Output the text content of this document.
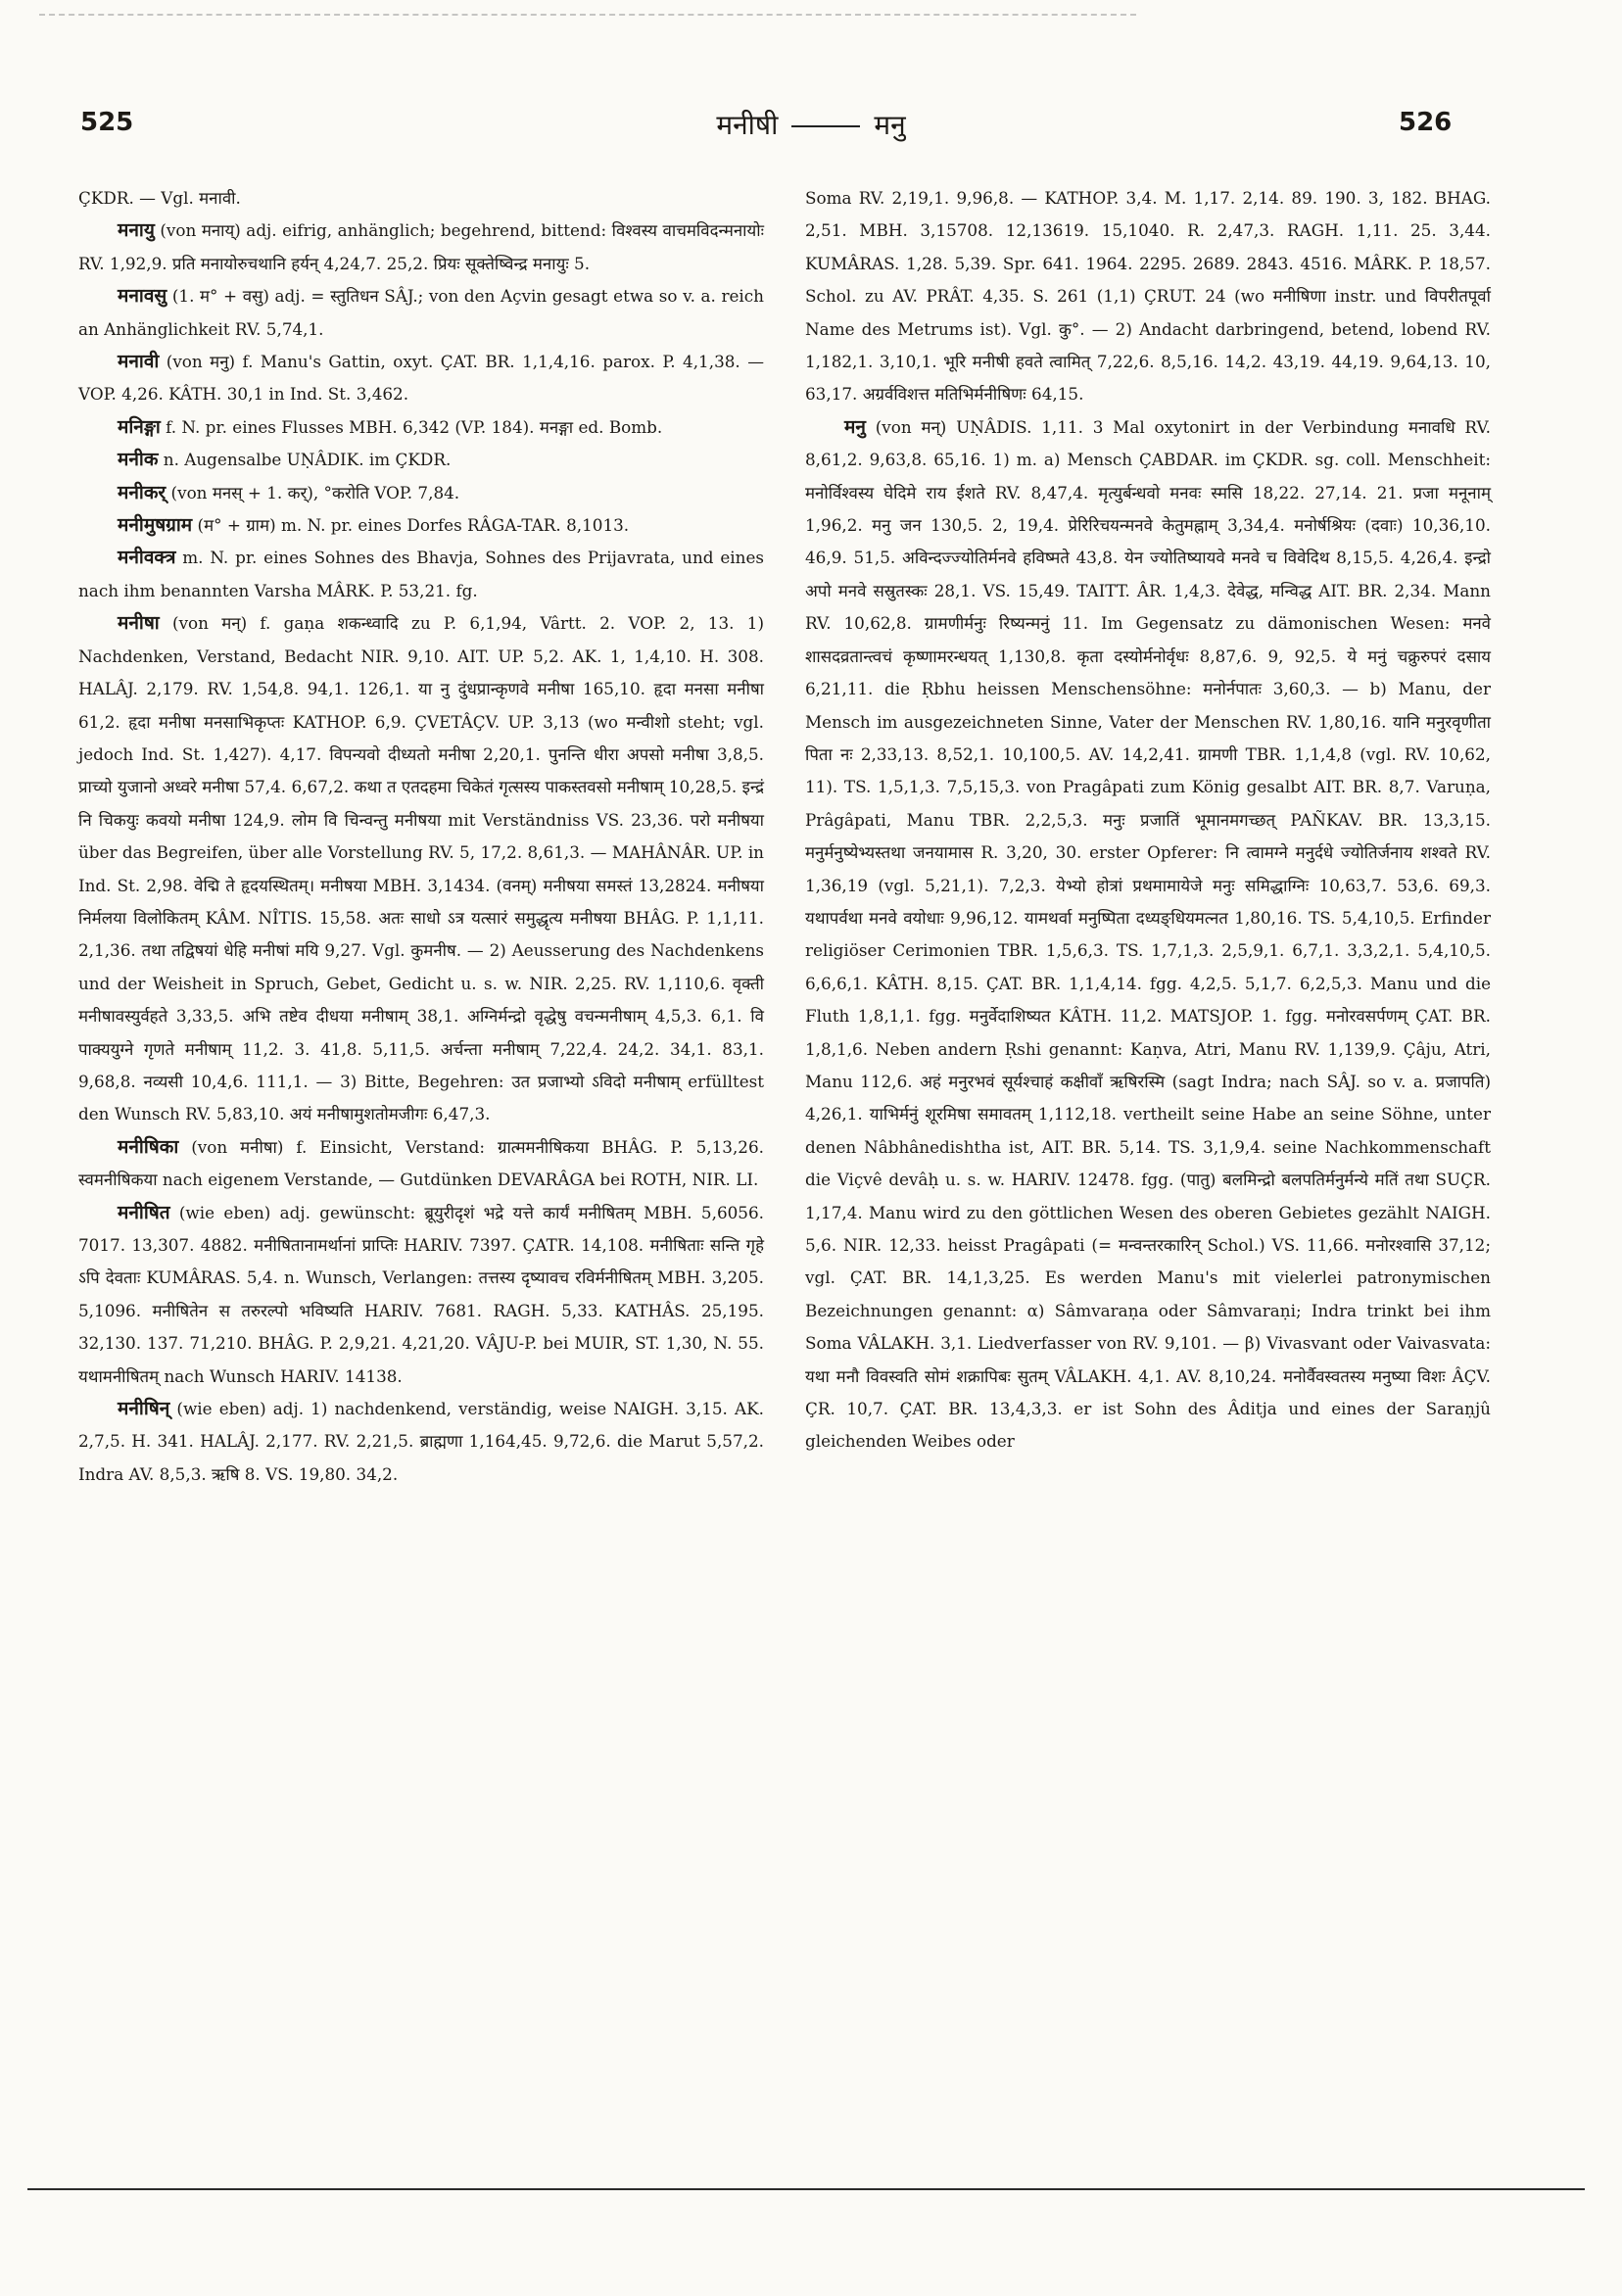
525	मनीषी	मनु	526

ÇKDR. — Vgl. मनावी.

मनायु (von मनाय्) adj. eifrig, anhänglich; begehrend, bittend: विश्वस्य वाचमविदन्मनायोः RV. 1,92,9. प्रति मनायोरुचथानि हर्यन् 4,24,7. 25,2. प्रियः सूक्तेष्विन्द्र मनायुः 5.

मनावसु (1. म° + वसु) adj. = स्तुतिधन SÂJ.; von den Açvin gesagt etwa so v. a. reich an Anhänglichkeit RV. 5,74,1.

मनावी (von मनु) f. Manu's Gattin, oxyt. ÇAT. BR. 1,1,4,16. parox. P. 4,1,38. — VOP. 4,26. KÂTH. 30,1 in Ind. St. 3,462.

मनिङ्गा f. N. pr. eines Flusses MBH. 6,342 (VP. 184). मनङ्गा ed. Bomb.

मनीक n. Augensalbe UṆÂDIK. im ÇKDR.

मनीकर् (von मनस् + 1. कर्), °करोति VOP. 7,84.

मनीमुषग्राम (म° + ग्राम) m. N. pr. eines Dorfes RÂGA-TAR. 8,1013.

मनीवक्त्र m. N. pr. eines Sohnes des Bhavja, Sohnes des Prijavrata, und eines nach ihm benannten Varsha MÂRK. P. 53,21. fg.

मनीषा (von मन्) f. gaṇa शकन्ध्वादि zu P. 6,1,94, Vârtt. 2. VOP. 2, 13. 1) Nachdenken, Verstand, Bedacht NIR. 9,10. AIT. UP. 5,2. AK. 1, 1,4,10. H. 308. HALÂJ. 2,179. RV. 1,54,8. 94,1. 126,1. या नु दुंधप्रान्कृणवे मनीषा 165,10. हृदा मनसा मनीषा 61,2. हृदा मनीषा मनसाभिकृप्तः KATHOP. 6,9. ÇVETÂÇV. UP. 3,13 (wo मन्वीशो steht; vgl. jedoch Ind. St. 1,427). 4,17. विपन्यवो दीध्यतो मनीषा 2,20,1. पुनन्ति धीरा अपसो मनीषा 3,8,5. प्राच्यो युजानो अध्वरे मनीषा 57,4. 6,67,2. कथा त एतदहमा चिकेतं गृत्सस्य पाकस्तवसो मनीषाम् 10,28,5. इन्द्रं नि चिकयुः कवयो मनीषा 124,9. लोम वि चिन्वन्तु मनीषया mit Verständniss VS. 23,36. परो मनीषया über das Begreifen, über alle Vorstellung RV. 5, 17,2. 8,61,3. — MAHÂNÂR. UP. in Ind. St. 2,98. वेद्मि ते हृदयस्थितम्। मनीषया MBH. 3,1434. (वनम्) मनीषया समस्तं 13,2824. मनीषया निर्मलया विलोकितम् KÂM. NÎTIS. 15,58. अतः साधो ऽत्र यत्सारं समुद्धृत्य मनीषया BHÂG. P. 1,1,11. 2,1,36. तथा तद्विषयां धेहि मनीषां मयि 9,27. Vgl. कुमनीष. — 2) Aeusserung des Nachdenkens und der Weisheit in Spruch, Gebet, Gedicht u. s. w. NIR. 2,25. RV. 1,110,6. वृक्ती मनीषावस्युर्वहते 3,33,5. अभि तष्टेव दीधया मनीषाम् 38,1. अग्निर्मन्द्रो वृद्धेषु वचन्मनीषाम् 4,5,3. 6,1. वि पाक्ययुग्ने गृणते मनीषाम् 11,2. 3. 41,8. 5,11,5. अर्चन्ता मनीषाम् 7,22,4. 24,2. 34,1. 83,1. 9,68,8. नव्यसी 10,4,6. 111,1. — 3) Bitte, Begehren: उत प्रजाभ्यो ऽविदो मनीषाम् erfülltest den Wunsch RV. 5,83,10. अयं मनीषामुशतोमजीगः 6,47,3.

मनीषिका (von मनीषा) f. Einsicht, Verstand: ग्रात्ममनीषिकया BHÂG. P. 5,13,26. स्वमनीषिकया nach eigenem Verstande, — Gutdünken DEVARÂGA bei ROTH, NIR. LI.

मनीषित (wie eben) adj. gewünscht: ब्रूयुरीदृशं भद्रे यत्ते कार्यं मनीषितम् MBH. 5,6056. 7017. 13,307. 4882. मनीषितानामर्थानां प्राप्तिः HARIV. 7397. ÇATR. 14,108. मनीषिताः सन्ति गृहे ऽपि देवताः KUMÂRAS. 5,4. n. Wunsch, Verlangen: तत्तस्य दृष्यावच रविर्मनीषितम् MBH. 3,205. 5,1096. मनीषितेन स तरुरल्पो भविष्यति HARIV. 7681. RAGH. 5,33. KATHÂS. 25,195. 32,130. 137. 71,210. BHÂG. P. 2,9,21. 4,21,20. VÂJU-P. bei MUIR, ST. 1,30, N. 55. यथामनीषितम् nach Wunsch HARIV. 14138.

मनीषिन् (wie eben) adj. 1) nachdenkend, verständig, weise NAIGH. 3,15. AK. 2,7,5. H. 341. HALÂJ. 2,177. RV. 2,21,5. ब्राह्मणा 1,164,45. 9,72,6. die Marut 5,57,2. Indra AV. 8,5,3. ऋषि 8. VS. 19,80. 34,2.

Soma RV. 2,19,1. 9,96,8. — KATHOP. 3,4. M. 1,17. 2,14. 89. 190. 3, 182. BHAG. 2,51. MBH. 3,15708. 12,13619. 15,1040. R. 2,47,3. RAGH. 1,11. 25. 3,44. KUMÂRAS. 1,28. 5,39. Spr. 641. 1964. 2295. 2689. 2843. 4516. MÂRK. P. 18,57. Schol. zu AV. PRÂT. 4,35. S. 261 (1,1) ÇRUT. 24 (wo मनीषिणा instr. und विपरीतपूर्वा Name des Metrums ist). Vgl. कु°. — 2) Andacht darbringend, betend, lobend RV. 1,182,1. 3,10,1. भूरि मनीषी हवते त्वामित् 7,22,6. 8,5,16. 14,2. 43,19. 44,19. 9,64,13. 10, 63,17. अग्रर्वविशत्त मतिभिर्मनीषिणः 64,15.

मनु (von मन्) UṆÂDIS. 1,11. 3 Mal oxytonirt in der Verbindung मनावधि RV. 8,61,2. 9,63,8. 65,16. 1) m. a) Mensch ÇABDAR. im ÇKDR. sg. coll. Menschheit: मनोर्विश्वस्य घेदिमे राय ईशते RV. 8,47,4. मृत्युर्बन्धवो मनवः स्मसि 18,22. 27,14. 21. प्रजा मनूनाम् 1,96,2. मनु जन 130,5. 2, 19,4. प्रेरिरिचयन्मनवे केतुमह्नाम् 3,34,4. मनोर्षश्रियः (दवाः) 10,36,10. 46,9. 51,5. अविन्दज्ज्योतिर्मनवे हविष्मते 43,8. येन ज्योतिष्यायवे मनवे च विवेदिथ 8,15,5. 4,26,4. इन्द्रो अपो मनवे सस्रुतस्कः 28,1. VS. 15,49. TAITT. ÂR. 1,4,3. देवेद्ध, मन्विद्ध AIT. BR. 2,34. Mann RV. 10,62,8. ग्रामणीर्मनुः रिष्यन्मनुं 11. Im Gegensatz zu dämonischen Wesen: मनवे शासदव्रतान्त्वचं कृष्णामरन्धयत् 1,130,8. कृता दस्योर्मनोर्वृधः 8,87,6. 9, 92,5. ये मनुं चक्रुरुपरं दसाय 6,21,11. die Ṛbhu heissen Menschensöhne: मनोर्नपातः 3,60,3. — b) Manu, der Mensch im ausgezeichneten Sinne, Vater der Menschen RV. 1,80,16. यानि मनुरवृणीता पिता नः 2,33,13. 8,52,1. 10,100,5. AV. 14,2,41. ग्रामणी TBR. 1,1,4,8 (vgl. RV. 10,62, 11). TS. 1,5,1,3. 7,5,15,3. von Pragâpati zum König gesalbt AIT. BR. 8,7. Varuṇa, Prâgâpati, Manu TBR. 2,2,5,3. मनुः प्रजातिं भूमानमगच्छत् PAÑKAV. BR. 13,3,15. मनुर्मनुष्येभ्यस्तथा जनयामास R. 3,20, 30. erster Opferer: नि त्वामग्ने मनुर्दधे ज्योतिर्जनाय शश्वते RV. 1,36,19 (vgl. 5,21,1). 7,2,3. येभ्यो होत्रां प्रथमामायेजे मनुः समिद्धाग्निः 10,63,7. 53,6. 69,3. यथापर्वथा मनवे वयोधाः 9,96,12. यामथर्वा मनुष्पिता दध्यङ्धियमत्नत 1,80,16. TS. 5,4,10,5. Erfinder religiöser Cerimonien TBR. 1,5,6,3. TS. 1,7,1,3. 2,5,9,1. 6,7,1. 3,3,2,1. 5,4,10,5. 6,6,6,1. KÂTH. 8,15. ÇAT. BR. 1,1,4,14. fgg. 4,2,5. 5,1,7. 6,2,5,3. Manu und die Fluth 1,8,1,1. fgg. मनुर्वेदाशिष्यत KÂTH. 11,2. MATSJOP. 1. fgg. मनोरवसर्पणम् ÇAT. BR. 1,8,1,6. Neben andern Ṛshi genannt: Kaṇva, Atri, Manu RV. 1,139,9. Çâju, Atri, Manu 112,6. अहं मनुरभवं सूर्यश्चाहं कक्षीवाँ ऋषिरस्मि (sagt Indra; nach SÂJ. so v. a. प्रजापति) 4,26,1. याभिर्मनुं शूरमिषा समावतम् 1,112,18. vertheilt seine Habe an seine Söhne, unter denen Nâbhânedishtha ist, AIT. BR. 5,14. TS. 3,1,9,4. seine Nachkommenschaft die Viçvê devâḥ u. s. w. HARIV. 12478. fgg. (पातु) बलमिन्द्रो बलपतिर्मनुर्मन्ये मतिं तथा SUÇR. 1,17,4. Manu wird zu den göttlichen Wesen des oberen Gebietes gezählt NAIGH. 5,6. NIR. 12,33. heisst Pragâpati (= मन्वन्तरकारिन् Schol.) VS. 11,66. मनोरश्वासि 37,12; vgl. ÇAT. BR. 14,1,3,25. Es werden Manu's mit vielerlei patronymischen Bezeichnungen genannt: α) Sâmvaraṇa oder Sâmvaraṇi; Indra trinkt bei ihm Soma VÂLAKH. 3,1. Liedverfasser von RV. 9,101. — β) Vivasvant oder Vaivasvata: यथा मनौ विवस्वति सोमं शक्रापिबः सुतम् VÂLAKH. 4,1. AV. 8,10,24. मनोर्वैवस्वतस्य मनुष्या विशः ÂÇV. ÇR. 10,7. ÇAT. BR. 13,4,3,3. er ist Sohn des Âditja und eines der Saraṇjû gleichenden Weibes oder
